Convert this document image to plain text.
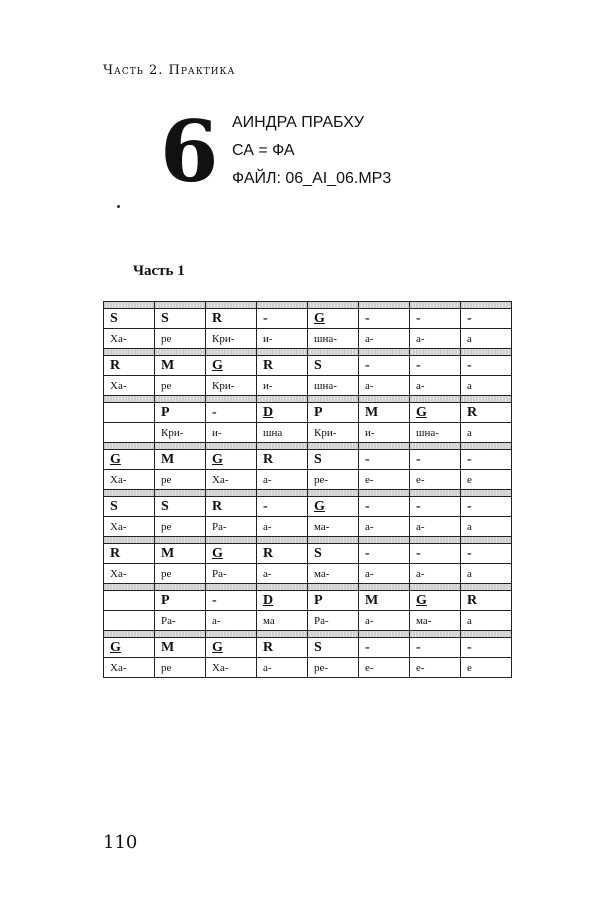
Часть 2. Практика
6 АИНДРА ПРАБХУ
СА = ФА
ФАЙЛ: 06_AI_06.MP3
Часть 1

S	S	R	-	G	-	-	-
Ха-	ре	Кри-	и-	шна-	а-	а-	а

R	M	G	R	S	-	-	-
Ха-	ре	Кри-	и-	шна-	а-	а-	а

	P	-	D	P	M	G	R
	Кри-	и-	шна	Кри-	и-	шна-	а

G	M	G	R	S	-	-	-
Ха-	ре	Ха-	а-	ре-	е-	е-	е

S	S	R	-	G	-	-	-
Ха-	ре	Ра-	а-	ма-	а-	а-	а

R	M	G	R	S	-	-	-
Ха-	ре	Ра-	а-	ма-	а-	а-	а

	P	-	D	P	M	G	R
	Ра-	а-	ма	Ра-	а-	ма-	а

G	M	G	R	S	-	-	-
Ха-	ре	Ха-	а-	ре-	е-	е-	е
110
